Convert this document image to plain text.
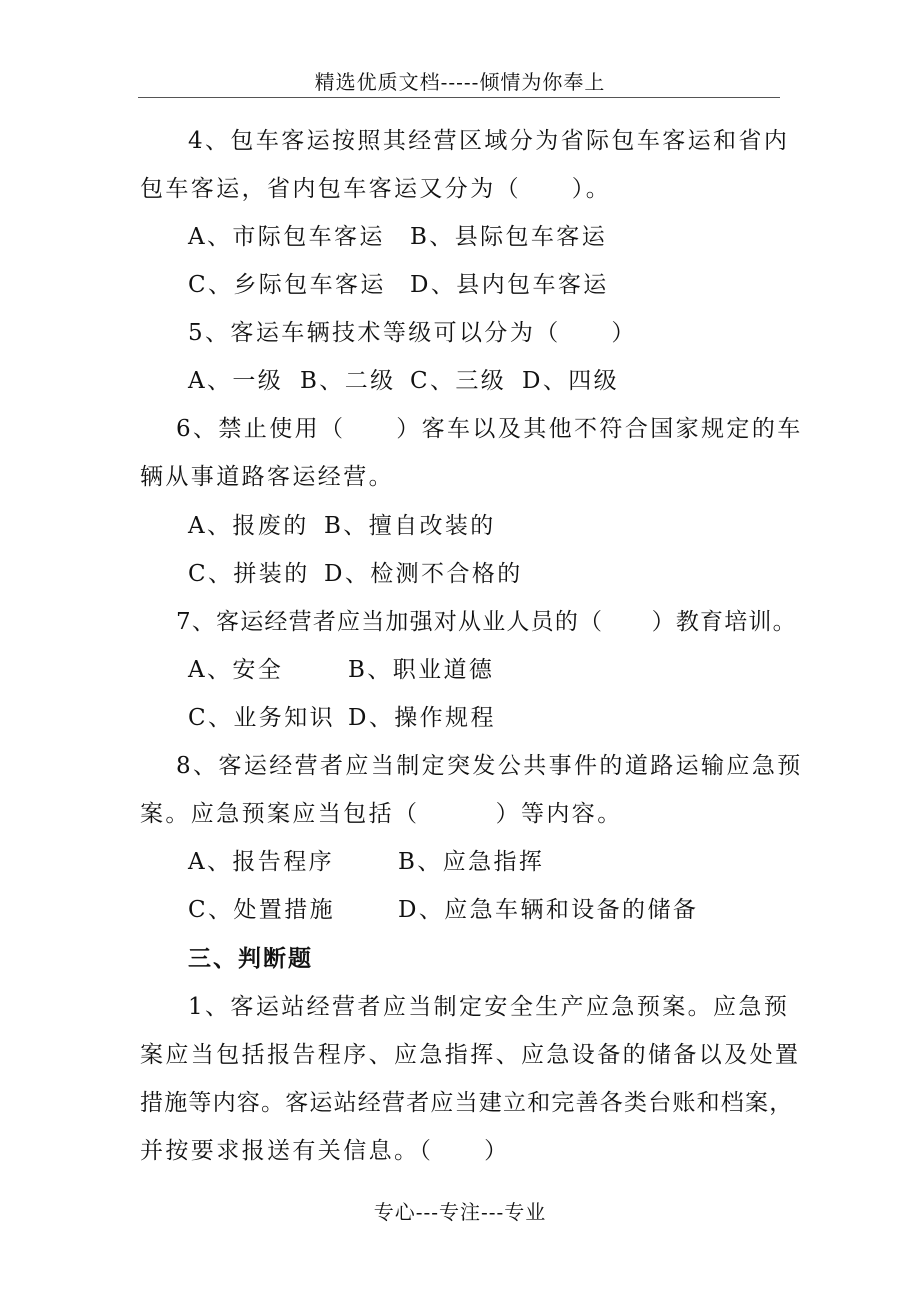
精选优质文档-----倾情为你奉上
4、包车客运按照其经营区域分为省际包车客运和省内
包车客运，省内包车客运又分为（　　）。
A、市际包车客运 B、县际包车客运
C、乡际包车客运 D、县内包车客运
5、客运车辆技术等级可以分为（　　）
A、一级 B、二级 C、三级 D、四级
6、禁止使用（　　）客车以及其他不符合国家规定的车
辆从事道路客运经营。
A、报废的 B、擅自改装的
C、拼装的 D、检测不合格的
7、客运经营者应当加强对从业人员的（　　）教育培训。
A、安全	B、职业道德
C、业务知识 D、操作规程
8、客运经营者应当制定突发公共事件的道路运输应急预
案。应急预案应当包括（　　　）等内容。
A、报告程序	B、应急指挥
C、处置措施	D、应急车辆和设备的储备
三、判断题
1、客运站经营者应当制定安全生产应急预案。应急预
案应当包括报告程序、应急指挥、应急设备的储备以及处置
措施等内容。客运站经营者应当建立和完善各类台账和档案，
并按要求报送有关信息。（　　）
专心---专注---专业
